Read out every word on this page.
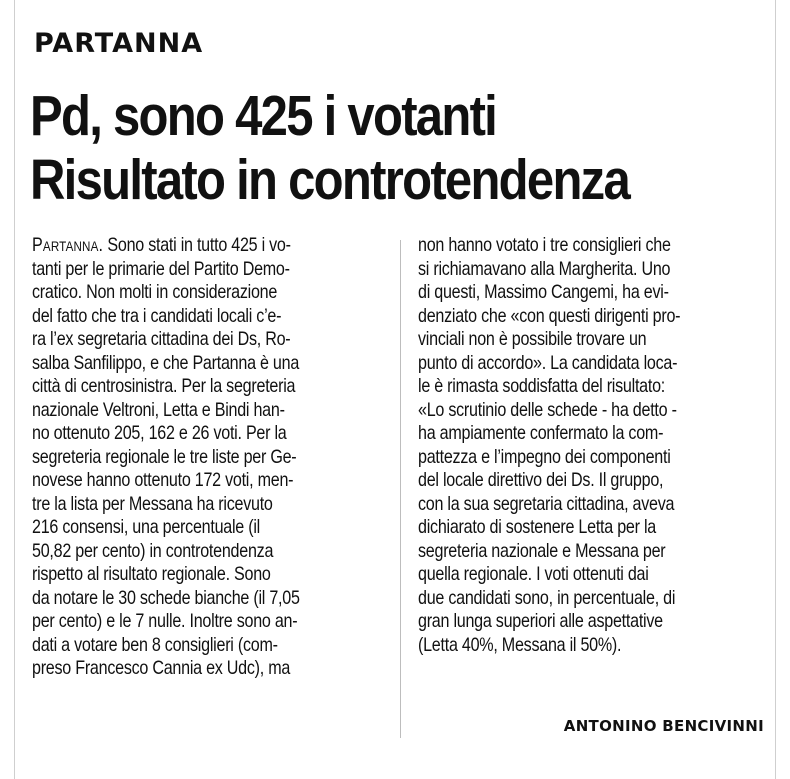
PARTANNA
Pd, sono 425 i votanti
Risultato in controtendenza
Partanna. Sono stati in tutto 425 i vo-
tanti per le primarie del Partito Demo-
cratico. Non molti in considerazione
del fatto che tra i candidati locali c’e-
ra l’ex segretaria cittadina dei Ds, Ro-
salba Sanfilippo, e che Partanna è una
città di centrosinistra. Per la segreteria
nazionale Veltroni, Letta e Bindi han-
no ottenuto 205, 162 e 26 voti. Per la
segreteria regionale le tre liste per Ge-
novese hanno ottenuto 172 voti, men-
tre la lista per Messana ha ricevuto
216 consensi, una percentuale (il
50,82 per cento) in controtendenza
rispetto al risultato regionale. Sono
da notare le 30 schede bianche (il 7,05
per cento) e le 7 nulle. Inoltre sono an-
dati a votare ben 8 consiglieri (com-
preso Francesco Cannia ex Udc), ma
non hanno votato i tre consiglieri che
si richiamavano alla Margherita. Uno
di questi, Massimo Cangemi, ha evi-
denziato che «con questi dirigenti pro-
vinciali non è possibile trovare un
punto di accordo». La candidata loca-
le è rimasta soddisfatta del risultato:
«Lo scrutinio delle schede - ha detto -
ha ampiamente confermato la com-
pattezza e l’impegno dei componenti
del locale direttivo dei Ds. Il gruppo,
con la sua segretaria cittadina, aveva
dichiarato di sostenere Letta per la
segreteria nazionale e Messana per
quella regionale. I voti ottenuti dai
due candidati sono, in percentuale, di
gran lunga superiori alle aspettative
(Letta 40%, Messana il 50%).
ANTONINO BENCIVINNI
